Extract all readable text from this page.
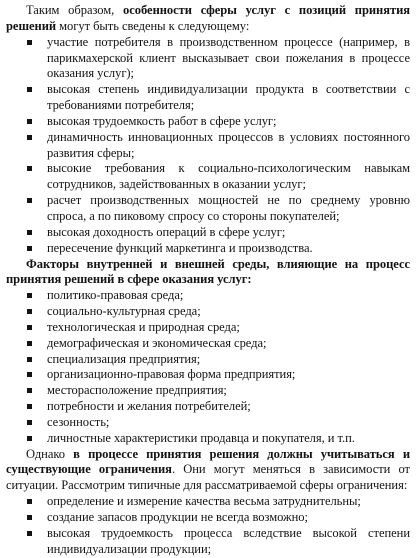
Таким образом, особенности сферы услуг с позиций принятия решений могут быть сведены к следующему:

участие потребителя в производственном процессе (например, в парикмахерской клиент высказывает свои пожелания в процессе оказания услуг);
высокая степень индивидуализации продукта в соответствии с требованиями потребителя;
высокая трудоемкость работ в сфере услуг;
динамичность инновационных процессов в условиях постоянного развития сферы;
высокие требования к социально-психологическим навыкам сотрудников, задействованных в оказании услуг;
расчет производственных мощностей не по среднему уровню спроса, а по пиковому спросу со стороны покупателей;
высокая доходность операций в сфере услуг;
пересечение функций маркетинга и производства.

Факторы внутренней и внешней среды, влияющие на процесс принятия решений в сфере оказания услуг:

политико-правовая среда;
социально-культурная среда;
технологическая и природная среда;
демографическая и экономическая среда;
специализация предприятия;
организационно-правовая форма предприятия;
месторасположение предприятия;
потребности и желания потребителей;
сезонность;
личностные характеристики продавца и покупателя, и т.п.

Однако в процессе принятия решения должны учитываться и существующие ограничения. Они могут меняться в зависимости от ситуации. Рассмотрим типичные для рассматриваемой сферы ограничения:

определение и измерение качества весьма затруднительны;
создание запасов продукции не всегда возможно;
высокая трудоемкость процесса вследствие высокой степени индивидуализации продукции;
